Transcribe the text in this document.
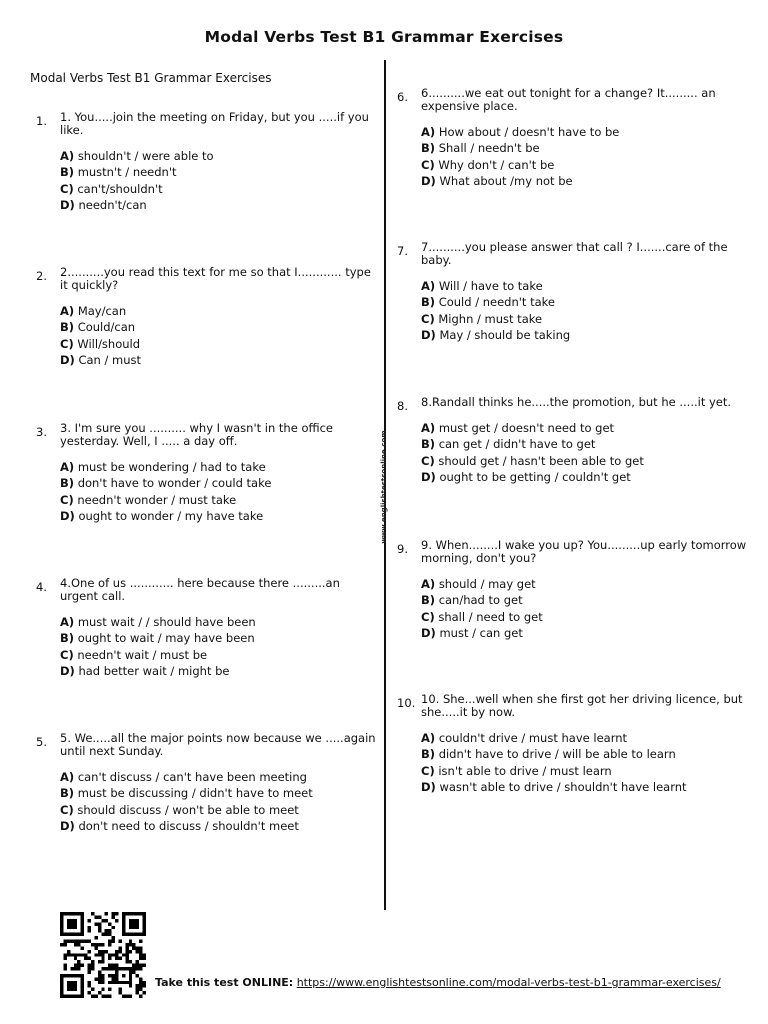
Modal Verbs Test B1 Grammar Exercises
Modal Verbs Test B1 Grammar Exercises
www.englishtestsonline.com
1.	1. You.....join the meeting on Friday, but you .....if you like.
A) shouldn't / were able to
B) mustn't / needn't
C) can't/shouldn't
D) needn't/can
2.	2..........you read this text for me so that I............ type it quickly?
A) May/can
B) Could/can
C) Will/should
D) Can / must
3.	3. I'm sure you .......... why I wasn't in the office yesterday. Well, I ..... a day off.
A) must be wondering / had to take
B) don't have to wonder / could take
C) needn't wonder / must take
D) ought to wonder / my have take
4.	4.One of us ............ here because there .........an urgent call.
A) must wait / / should have been
B) ought to wait / may have been
C) needn't wait / must be
D) had better wait / might be
5.	5. We.....all the major points now because we .....again until next Sunday.
A) can't discuss / can't have been meeting
B) must be discussing / didn't have to meet
C) should discuss / won't be able to meet
D) don't need to discuss / shouldn't meet
6.	6..........we eat out tonight for a change? It......... an expensive place.
A) How about / doesn't have to be
B) Shall / needn't be
C) Why don't / can't be
D) What about /my not be
7.	7..........you please answer that call ? I.......care of the baby.
A) Will / have to take
B) Could / needn't take
C) Mighn / must take
D) May / should be taking
8.	8.Randall thinks he.....the promotion, but he .....it yet.
A) must get / doesn't need to get
B) can get / didn't have to get
C) should get / hasn't been able to get
D) ought to be getting / couldn't get
9.	9. When........I wake you up? You.........up early tomorrow morning, don't you?
A) should / may get
B) can/had to get
C) shall / need to get
D) must / can get
10. 10. She...well when she first got her driving licence, but she.....it by now.
A) couldn't drive / must have learnt
B) didn't have to drive / will be able to learn
C) isn't able to drive / must learn
D) wasn't able to drive / shouldn't have learnt
Take this test ONLINE: https://www.englishtestsonline.com/modal-verbs-test-b1-grammar-exercises/
